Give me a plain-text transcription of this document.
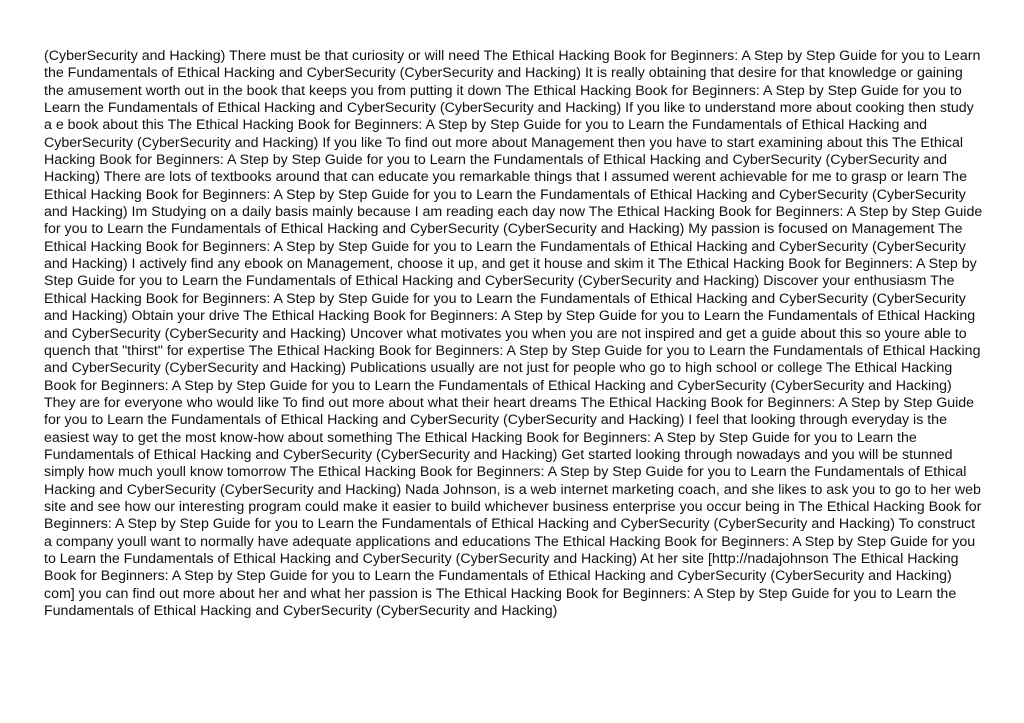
(CyberSecurity and Hacking) There must be that curiosity or will need The Ethical Hacking Book for Beginners: A Step by Step Guide for you to Learn the Fundamentals of Ethical Hacking and CyberSecurity (CyberSecurity and Hacking) It is really obtaining that desire for that knowledge or gaining the amusement worth out in the book that keeps you from putting it down The Ethical Hacking Book for Beginners: A Step by Step Guide for you to Learn the Fundamentals of Ethical Hacking and CyberSecurity (CyberSecurity and Hacking) If you like to understand more about cooking then study a e book about this The Ethical Hacking Book for Beginners: A Step by Step Guide for you to Learn the Fundamentals of Ethical Hacking and CyberSecurity (CyberSecurity and Hacking) If you like To find out more about Management then you have to start examining about this The Ethical Hacking Book for Beginners: A Step by Step Guide for you to Learn the Fundamentals of Ethical Hacking and CyberSecurity (CyberSecurity and Hacking) There are lots of textbooks around that can educate you remarkable things that I assumed werent achievable for me to grasp or learn The Ethical Hacking Book for Beginners: A Step by Step Guide for you to Learn the Fundamentals of Ethical Hacking and CyberSecurity (CyberSecurity and Hacking) Im Studying on a daily basis mainly because I am reading each day now The Ethical Hacking Book for Beginners: A Step by Step Guide for you to Learn the Fundamentals of Ethical Hacking and CyberSecurity (CyberSecurity and Hacking) My passion is focused on Management The Ethical Hacking Book for Beginners: A Step by Step Guide for you to Learn the Fundamentals of Ethical Hacking and CyberSecurity (CyberSecurity and Hacking) I actively find any ebook on Management, choose it up, and get it house and skim it The Ethical Hacking Book for Beginners: A Step by Step Guide for you to Learn the Fundamentals of Ethical Hacking and CyberSecurity (CyberSecurity and Hacking) Discover your enthusiasm The Ethical Hacking Book for Beginners: A Step by Step Guide for you to Learn the Fundamentals of Ethical Hacking and CyberSecurity (CyberSecurity and Hacking) Obtain your drive The Ethical Hacking Book for Beginners: A Step by Step Guide for you to Learn the Fundamentals of Ethical Hacking and CyberSecurity (CyberSecurity and Hacking) Uncover what motivates you when you are not inspired and get a guide about this so youre able to quench that "thirst" for expertise The Ethical Hacking Book for Beginners: A Step by Step Guide for you to Learn the Fundamentals of Ethical Hacking and CyberSecurity (CyberSecurity and Hacking) Publications usually are not just for people who go to high school or college The Ethical Hacking Book for Beginners: A Step by Step Guide for you to Learn the Fundamentals of Ethical Hacking and CyberSecurity (CyberSecurity and Hacking) They are for everyone who would like To find out more about what their heart dreams The Ethical Hacking Book for Beginners: A Step by Step Guide for you to Learn the Fundamentals of Ethical Hacking and CyberSecurity (CyberSecurity and Hacking) I feel that looking through everyday is the easiest way to get the most know-how about something The Ethical Hacking Book for Beginners: A Step by Step Guide for you to Learn the Fundamentals of Ethical Hacking and CyberSecurity (CyberSecurity and Hacking) Get started looking through nowadays and you will be stunned simply how much youll know tomorrow The Ethical Hacking Book for Beginners: A Step by Step Guide for you to Learn the Fundamentals of Ethical Hacking and CyberSecurity (CyberSecurity and Hacking) Nada Johnson, is a web internet marketing coach, and she likes to ask you to go to her web site and see how our interesting program could make it easier to build whichever business enterprise you occur being in The Ethical Hacking Book for Beginners: A Step by Step Guide for you to Learn the Fundamentals of Ethical Hacking and CyberSecurity (CyberSecurity and Hacking) To construct a company youll want to normally have adequate applications and educations The Ethical Hacking Book for Beginners: A Step by Step Guide for you to Learn the Fundamentals of Ethical Hacking and CyberSecurity (CyberSecurity and Hacking) At her site [http://nadajohnson The Ethical Hacking Book for Beginners: A Step by Step Guide for you to Learn the Fundamentals of Ethical Hacking and CyberSecurity (CyberSecurity and Hacking) com] you can find out more about her and what her passion is The Ethical Hacking Book for Beginners: A Step by Step Guide for you to Learn the Fundamentals of Ethical Hacking and CyberSecurity (CyberSecurity and Hacking)
